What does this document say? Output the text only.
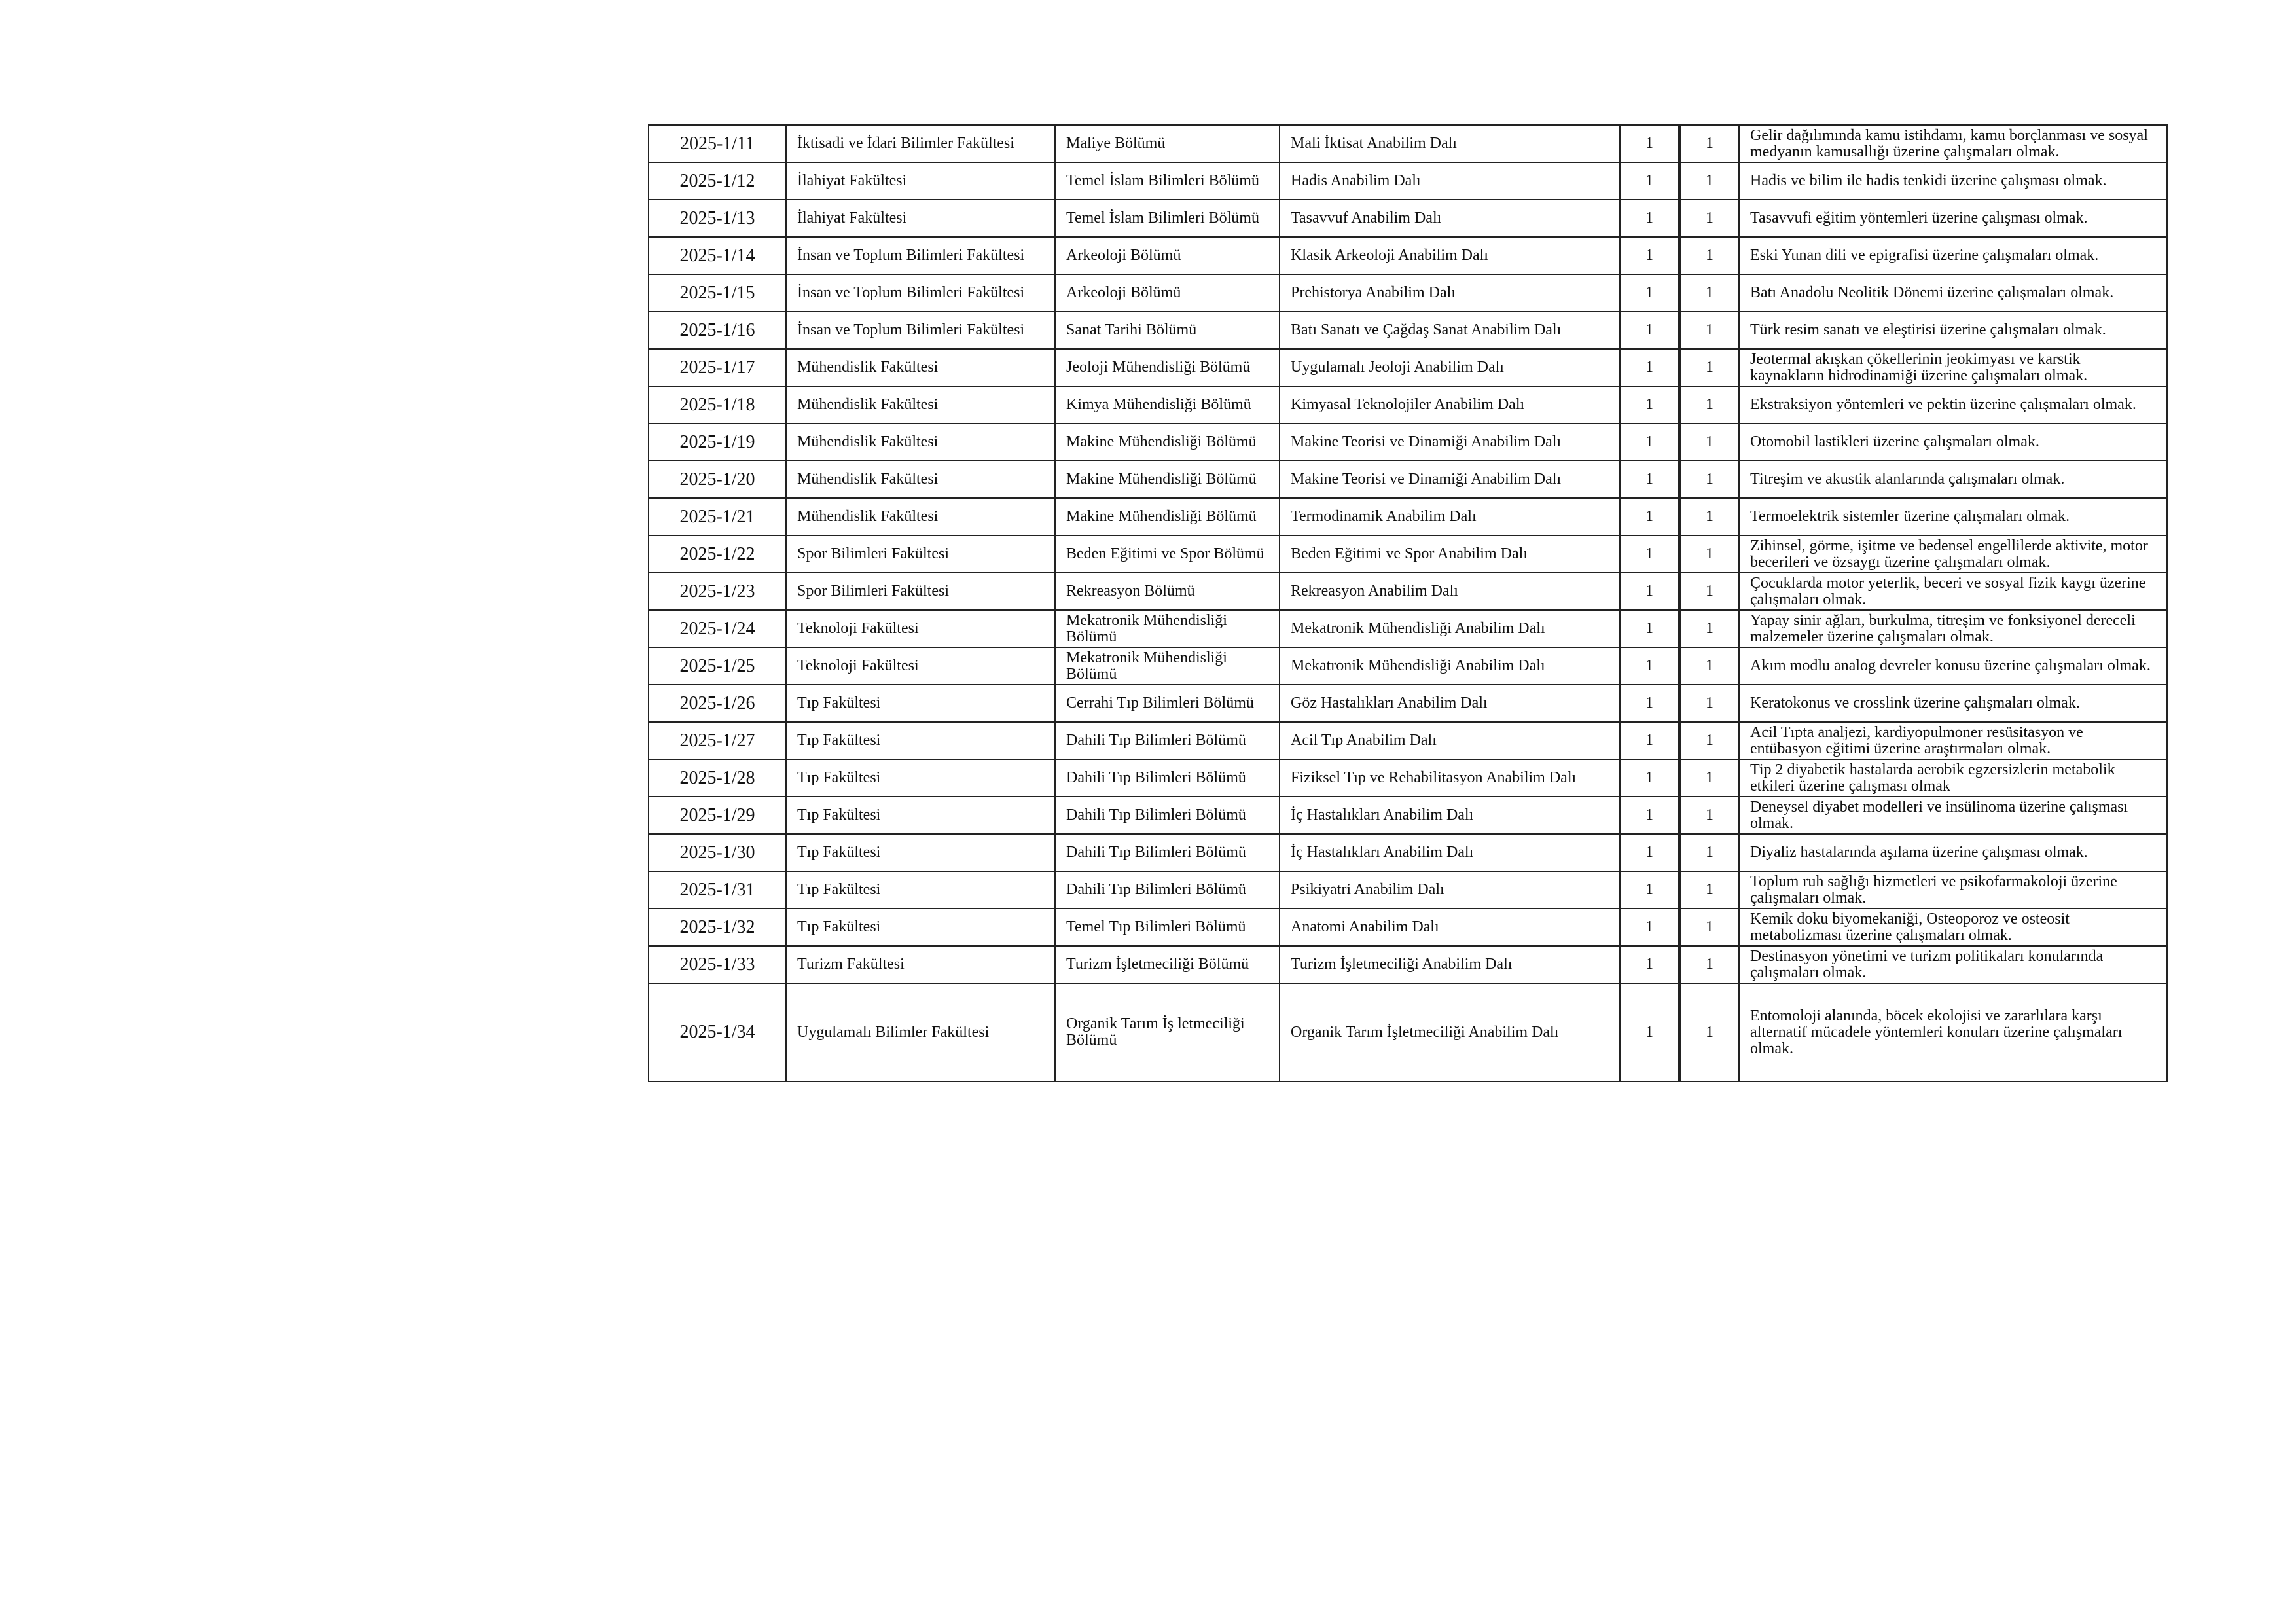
2025-1/11	İktisadi ve İdari Bilimler Fakültesi	Maliye Bölümü	Mali İktisat Anabilim Dalı	1		1	Gelir dağılımında kamu istihdamı, kamu borçlanması ve sosyal medyanın kamusallığı üzerine çalışmaları olmak.

2025-1/12	İlahiyat Fakültesi	Temel İslam Bilimleri Bölümü	Hadis Anabilim Dalı	1		1	Hadis ve bilim ile hadis tenkidi üzerine çalışması olmak.

2025-1/13	İlahiyat Fakültesi	Temel İslam Bilimleri Bölümü	Tasavvuf Anabilim Dalı	1		1	Tasavvufi eğitim yöntemleri üzerine çalışması olmak.

2025-1/14	İnsan ve Toplum Bilimleri Fakültesi	Arkeoloji Bölümü	Klasik Arkeoloji Anabilim Dalı	1		1	Eski Yunan dili ve epigrafisi üzerine çalışmaları olmak.

2025-1/15	İnsan ve Toplum Bilimleri Fakültesi	Arkeoloji Bölümü	Prehistorya Anabilim Dalı	1		1	Batı Anadolu Neolitik Dönemi üzerine çalışmaları olmak.

2025-1/16	İnsan ve Toplum Bilimleri Fakültesi	Sanat Tarihi Bölümü	Batı Sanatı ve Çağdaş Sanat Anabilim Dalı	1		1	Türk resim sanatı ve eleştirisi üzerine çalışmaları olmak.

2025-1/17	Mühendislik Fakültesi	Jeoloji Mühendisliği Bölümü	Uygulamalı Jeoloji Anabilim Dalı	1		1	Jeotermal akışkan çökellerinin jeokimyası ve karstik kaynakların hidrodinamiği üzerine çalışmaları olmak.

2025-1/18	Mühendislik Fakültesi	Kimya Mühendisliği Bölümü	Kimyasal Teknolojiler Anabilim Dalı	1		1	Ekstraksiyon yöntemleri ve pektin üzerine çalışmaları olmak.

2025-1/19	Mühendislik Fakültesi	Makine Mühendisliği Bölümü	Makine Teorisi ve Dinamiği Anabilim Dalı	1		1	Otomobil lastikleri üzerine çalışmaları olmak.

2025-1/20	Mühendislik Fakültesi	Makine Mühendisliği Bölümü	Makine Teorisi ve Dinamiği Anabilim Dalı	1		1	Titreşim ve akustik alanlarında çalışmaları olmak.

2025-1/21	Mühendislik Fakültesi	Makine Mühendisliği Bölümü	Termodinamik Anabilim Dalı	1		1	Termoelektrik sistemler üzerine çalışmaları olmak.

2025-1/22	Spor Bilimleri Fakültesi	Beden Eğitimi ve Spor Bölümü	Beden Eğitimi ve Spor Anabilim Dalı	1		1	Zihinsel, görme, işitme ve bedensel engellilerde aktivite, motor becerileri ve özsaygı üzerine çalışmaları olmak.

2025-1/23	Spor Bilimleri Fakültesi	Rekreasyon Bölümü	Rekreasyon Anabilim Dalı	1		1	Çocuklarda motor yeterlik, beceri ve sosyal fizik kaygı üzerine çalışmaları olmak.

2025-1/24	Teknoloji Fakültesi	Mekatronik Mühendisliği Bölümü	Mekatronik Mühendisliği Anabilim Dalı	1		1	Yapay sinir ağları, burkulma, titreşim ve fonksiyonel dereceli malzemeler üzerine çalışmaları olmak.

2025-1/25	Teknoloji Fakültesi	Mekatronik Mühendisliği Bölümü	Mekatronik Mühendisliği Anabilim Dalı	1		1	Akım modlu analog devreler konusu üzerine çalışmaları olmak.

2025-1/26	Tıp Fakültesi	Cerrahi Tıp Bilimleri Bölümü	Göz Hastalıkları Anabilim Dalı	1		1	Keratokonus ve crosslink üzerine çalışmaları olmak.

2025-1/27	Tıp Fakültesi	Dahili Tıp Bilimleri Bölümü	Acil Tıp Anabilim Dalı	1		1	Acil Tıpta analjezi, kardiyopulmoner resüsitasyon ve entübasyon eğitimi üzerine araştırmaları olmak.

2025-1/28	Tıp Fakültesi	Dahili Tıp Bilimleri Bölümü	Fiziksel Tıp ve Rehabilitasyon Anabilim Dalı	1		1	Tip 2 diyabetik hastalarda aerobik egzersizlerin metabolik etkileri üzerine çalışması olmak

2025-1/29	Tıp Fakültesi	Dahili Tıp Bilimleri Bölümü	İç Hastalıkları Anabilim Dalı	1		1	Deneysel diyabet modelleri ve insülinoma üzerine çalışması olmak.

2025-1/30	Tıp Fakültesi	Dahili Tıp Bilimleri Bölümü	İç Hastalıkları Anabilim Dalı	1		1	Diyaliz hastalarında aşılama üzerine çalışması olmak.

2025-1/31	Tıp Fakültesi	Dahili Tıp Bilimleri Bölümü	Psikiyatri Anabilim Dalı	1		1	Toplum ruh sağlığı hizmetleri ve psikofarmakoloji üzerine çalışmaları olmak.

2025-1/32	Tıp Fakültesi	Temel Tıp Bilimleri Bölümü	Anatomi Anabilim Dalı	1		1	Kemik doku biyomekaniği, Osteoporoz ve osteosit metabolizması üzerine çalışmaları olmak.

2025-1/33	Turizm Fakültesi	Turizm İşletmeciliği Bölümü	Turizm İşletmeciliği Anabilim Dalı	1		1	Destinasyon yönetimi ve turizm politikaları konularında çalışmaları olmak.

2025-1/34	Uygulamalı Bilimler Fakültesi	Organik Tarım İş letmeciliği Bölümü	Organik Tarım İşletmeciliği Anabilim Dalı	1		1	Entomoloji alanında, böcek ekolojisi ve zararlılara karşı alternatif mücadele yöntemleri konuları üzerine çalışmaları olmak.
